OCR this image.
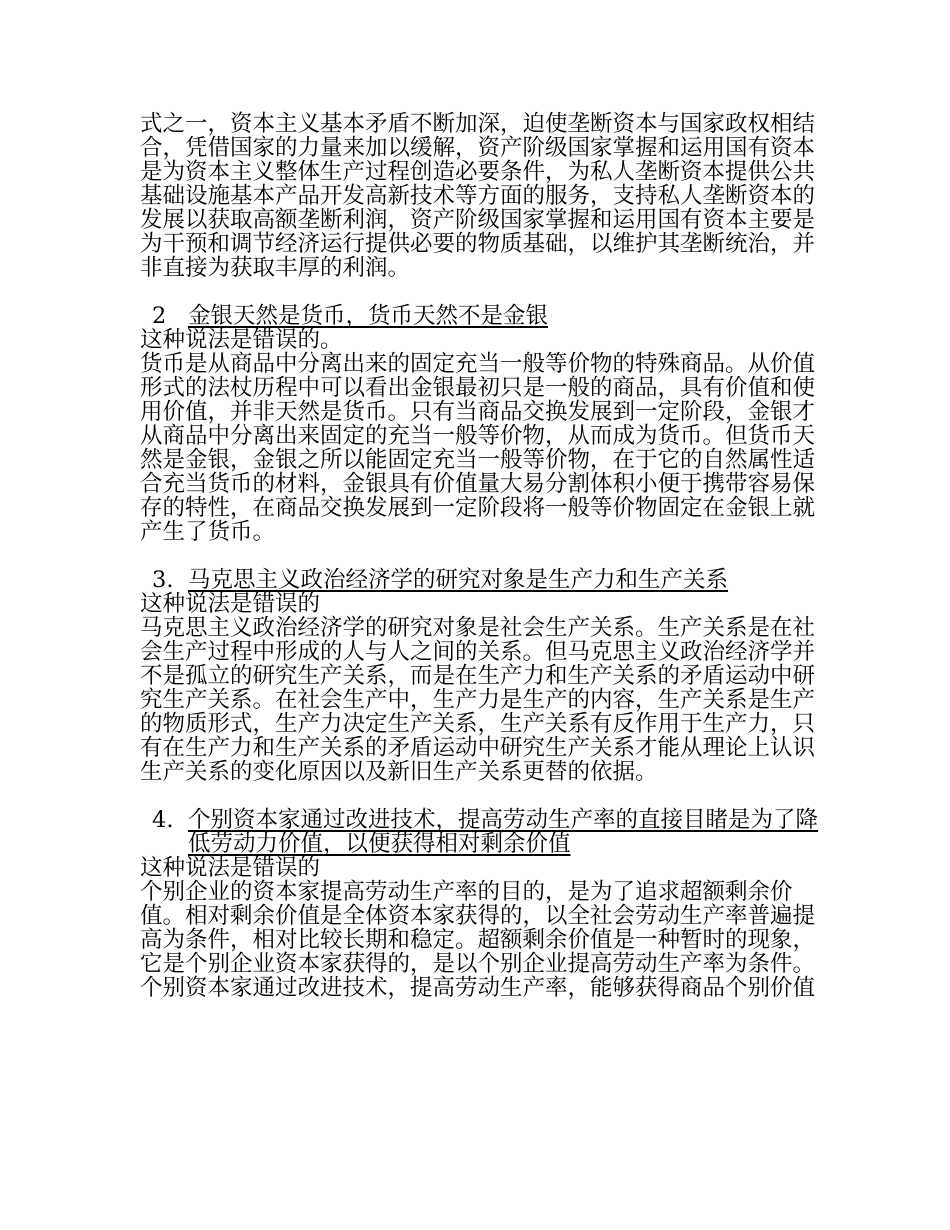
式之一，资本主义基本矛盾不断加深，迫使垄断资本与国家政权相结
合，凭借国家的力量来加以缓解，资产阶级国家掌握和运用国有资本
是为资本主义整体生产过程创造必要条件，为私人垄断资本提供公共
基础设施基本产品开发高新技术等方面的服务，支持私人垄断资本的
发展以获取高额垄断利润，资产阶级国家掌握和运用国有资本主要是
为干预和调节经济运行提供必要的物质基础，以维护其垄断统治，并
非直接为获取丰厚的利润。
2 金银天然是货币，货币天然不是金银
这种说法是错误的。
货币是从商品中分离出来的固定充当一般等价物的特殊商品。从价值
形式的法杖历程中可以看出金银最初只是一般的商品，具有价值和使
用价值，并非天然是货币。只有当商品交换发展到一定阶段，金银才
从商品中分离出来固定的充当一般等价物，从而成为货币。但货币天
然是金银，金银之所以能固定充当一般等价物，在于它的自然属性适
合充当货币的材料，金银具有价值量大易分割体积小便于携带容易保
存的特性，在商品交换发展到一定阶段将一般等价物固定在金银上就
产生了货币。
3. 马克思主义政治经济学的研究对象是生产力和生产关系
这种说法是错误的
马克思主义政治经济学的研究对象是社会生产关系。生产关系是在社
会生产过程中形成的人与人之间的关系。但马克思主义政治经济学并
不是孤立的研究生产关系，而是在生产力和生产关系的矛盾运动中研
究生产关系。在社会生产中，生产力是生产的内容，生产关系是生产
的物质形式，生产力决定生产关系，生产关系有反作用于生产力，只
有在生产力和生产关系的矛盾运动中研究生产关系才能从理论上认识
生产关系的变化原因以及新旧生产关系更替的依据。
4. 个别资本家通过改进技术，提高劳动生产率的直接目睹是为了降
低劳动力价值，以便获得相对剩余价值
这种说法是错误的
个别企业的资本家提高劳动生产率的目的，是为了追求超额剩余价
值。相对剩余价值是全体资本家获得的，以全社会劳动生产率普遍提
高为条件，相对比较长期和稳定。超额剩余价值是一种暂时的现象，
它是个别企业资本家获得的，是以个别企业提高劳动生产率为条件。
个别资本家通过改进技术，提高劳动生产率，能够获得商品个别价值
